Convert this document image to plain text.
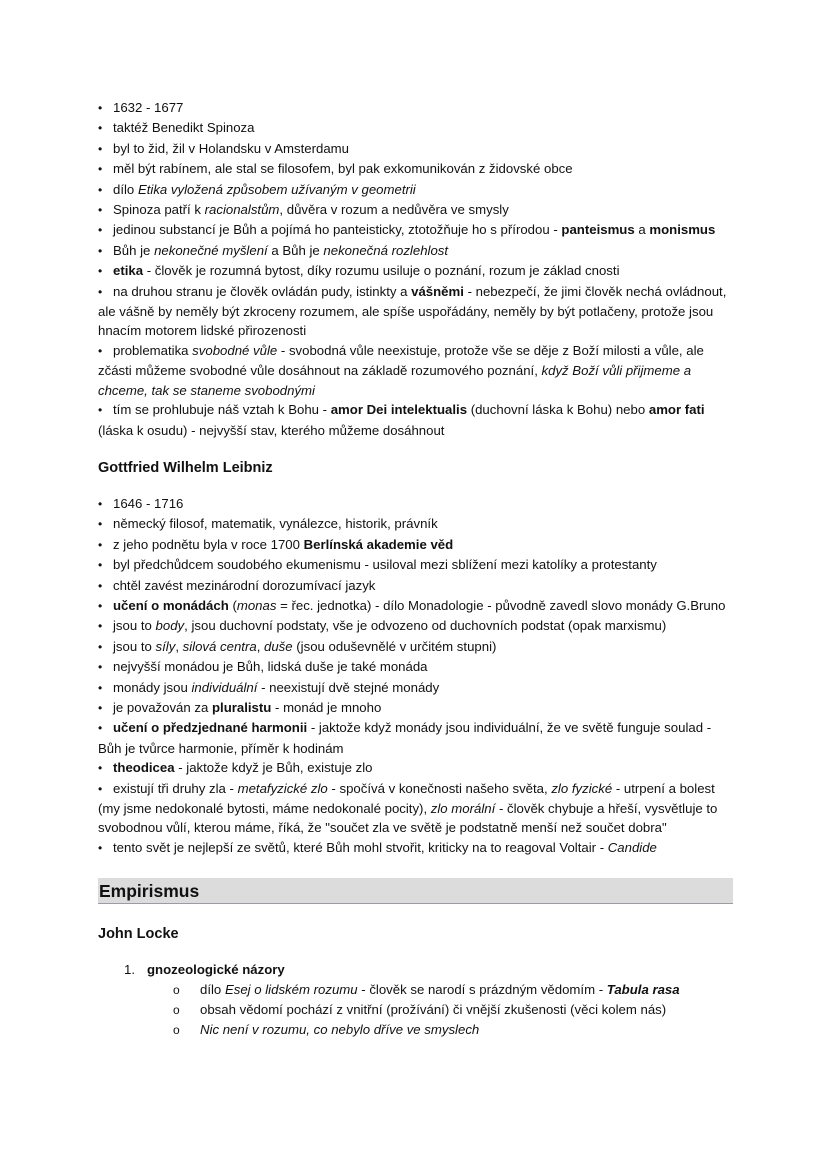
• 1632 - 1677

• taktéž Benedikt Spinoza

• byl to žid, žil v Holandsku v Amsterdamu

• měl být rabínem, ale stal se filosofem, byl pak exkomunikován z židovské obce

• dílo Etika vyložená způsobem užívaným v geometrii

• Spinoza patří k racionalstům, důvěra v rozum a nedůvěra ve smysly

• jedinou substancí je Bůh a pojímá ho panteisticky, ztotožňuje ho s přírodou - panteismus a monismus

• Bůh je nekonečné myšlení a Bůh je nekonečná rozlehlost

• etika - člověk je rozumná bytost, díky rozumu usiluje o poznání, rozum je základ cnosti

• na druhou stranu je člověk ovládán pudy, istinkty a vášněmi - nebezpečí, že jimi člověk nechá ovládnout, ale vášně by neměly být zkroceny rozumem, ale spíše uspořádány, neměly by být potlačeny, protože jsou hnacím motorem lidské přirozenosti

• problematika svobodné vůle - svobodná vůle neexistuje, protože vše se děje z Boží milosti a vůle, ale zčásti můžeme svobodné vůle dosáhnout na základě rozumového poznání, když Boží vůli přijmeme a chceme, tak se staneme svobodnými

• tím se prohlubuje náš vztah k Bohu - amor Dei intelektualis (duchovní láska k Bohu) nebo amor fati (láska k osudu) - nejvyšší stav, kterého můžeme dosáhnout

Gottfried Wilhelm Leibniz

• 1646 - 1716

• německý filosof, matematik, vynálezce, historik, právník

• z jeho podnětu byla v roce 1700 Berlínská akademie věd

• byl předchůdcem soudobého ekumenismu - usiloval mezi sblížení mezi katolíky a protestanty

• chtěl zavést mezinárodní dorozumívací jazyk

• učení o monádách (monas = řec. jednotka) - dílo Monadologie - původně zavedl slovo monády G.Bruno

• jsou to body, jsou duchovní podstaty, vše je odvozeno od duchovních podstat (opak marxismu)

• jsou to síly, silová centra, duše (jsou oduševnělé v určitém stupni)

• nejvyšší monádou je Bůh, lidská duše je také monáda

• monády jsou individuální - neexistují dvě stejné monády

• je považován za pluralistu - monád je mnoho

• učení o předzjednané harmonii - jaktože když monády jsou individuální, že ve světě funguje soulad - Bůh je tvůrce harmonie, příměr k hodinám

• theodicea - jaktože když je Bůh, existuje zlo

• existují tři druhy zla - metafyzické zlo - spočívá v konečnosti našeho světa, zlo fyzické - utrpení a bolest (my jsme nedokonalé bytosti, máme nedokonalé pocity), zlo morální - člověk chybuje a hřeší, vysvětluje to svobodnou vůlí, kterou máme, říká, že "součet zla ve světě je podstatně menší než součet dobra"

• tento svět je nejlepší ze světů, které Bůh mohl stvořit, kriticky na to reagoval Voltair - Candide

Empirismus
John Locke
1. gnozeologické názory
o dílo Esej o lidském rozumu - člověk se narodí s prázdným vědomím - Tabula rasa
o obsah vědomí pochází z vnitřní (prožívání) či vnější zkušenosti (věci kolem nás)
o Nic není v rozumu, co nebylo dříve ve smyslech
